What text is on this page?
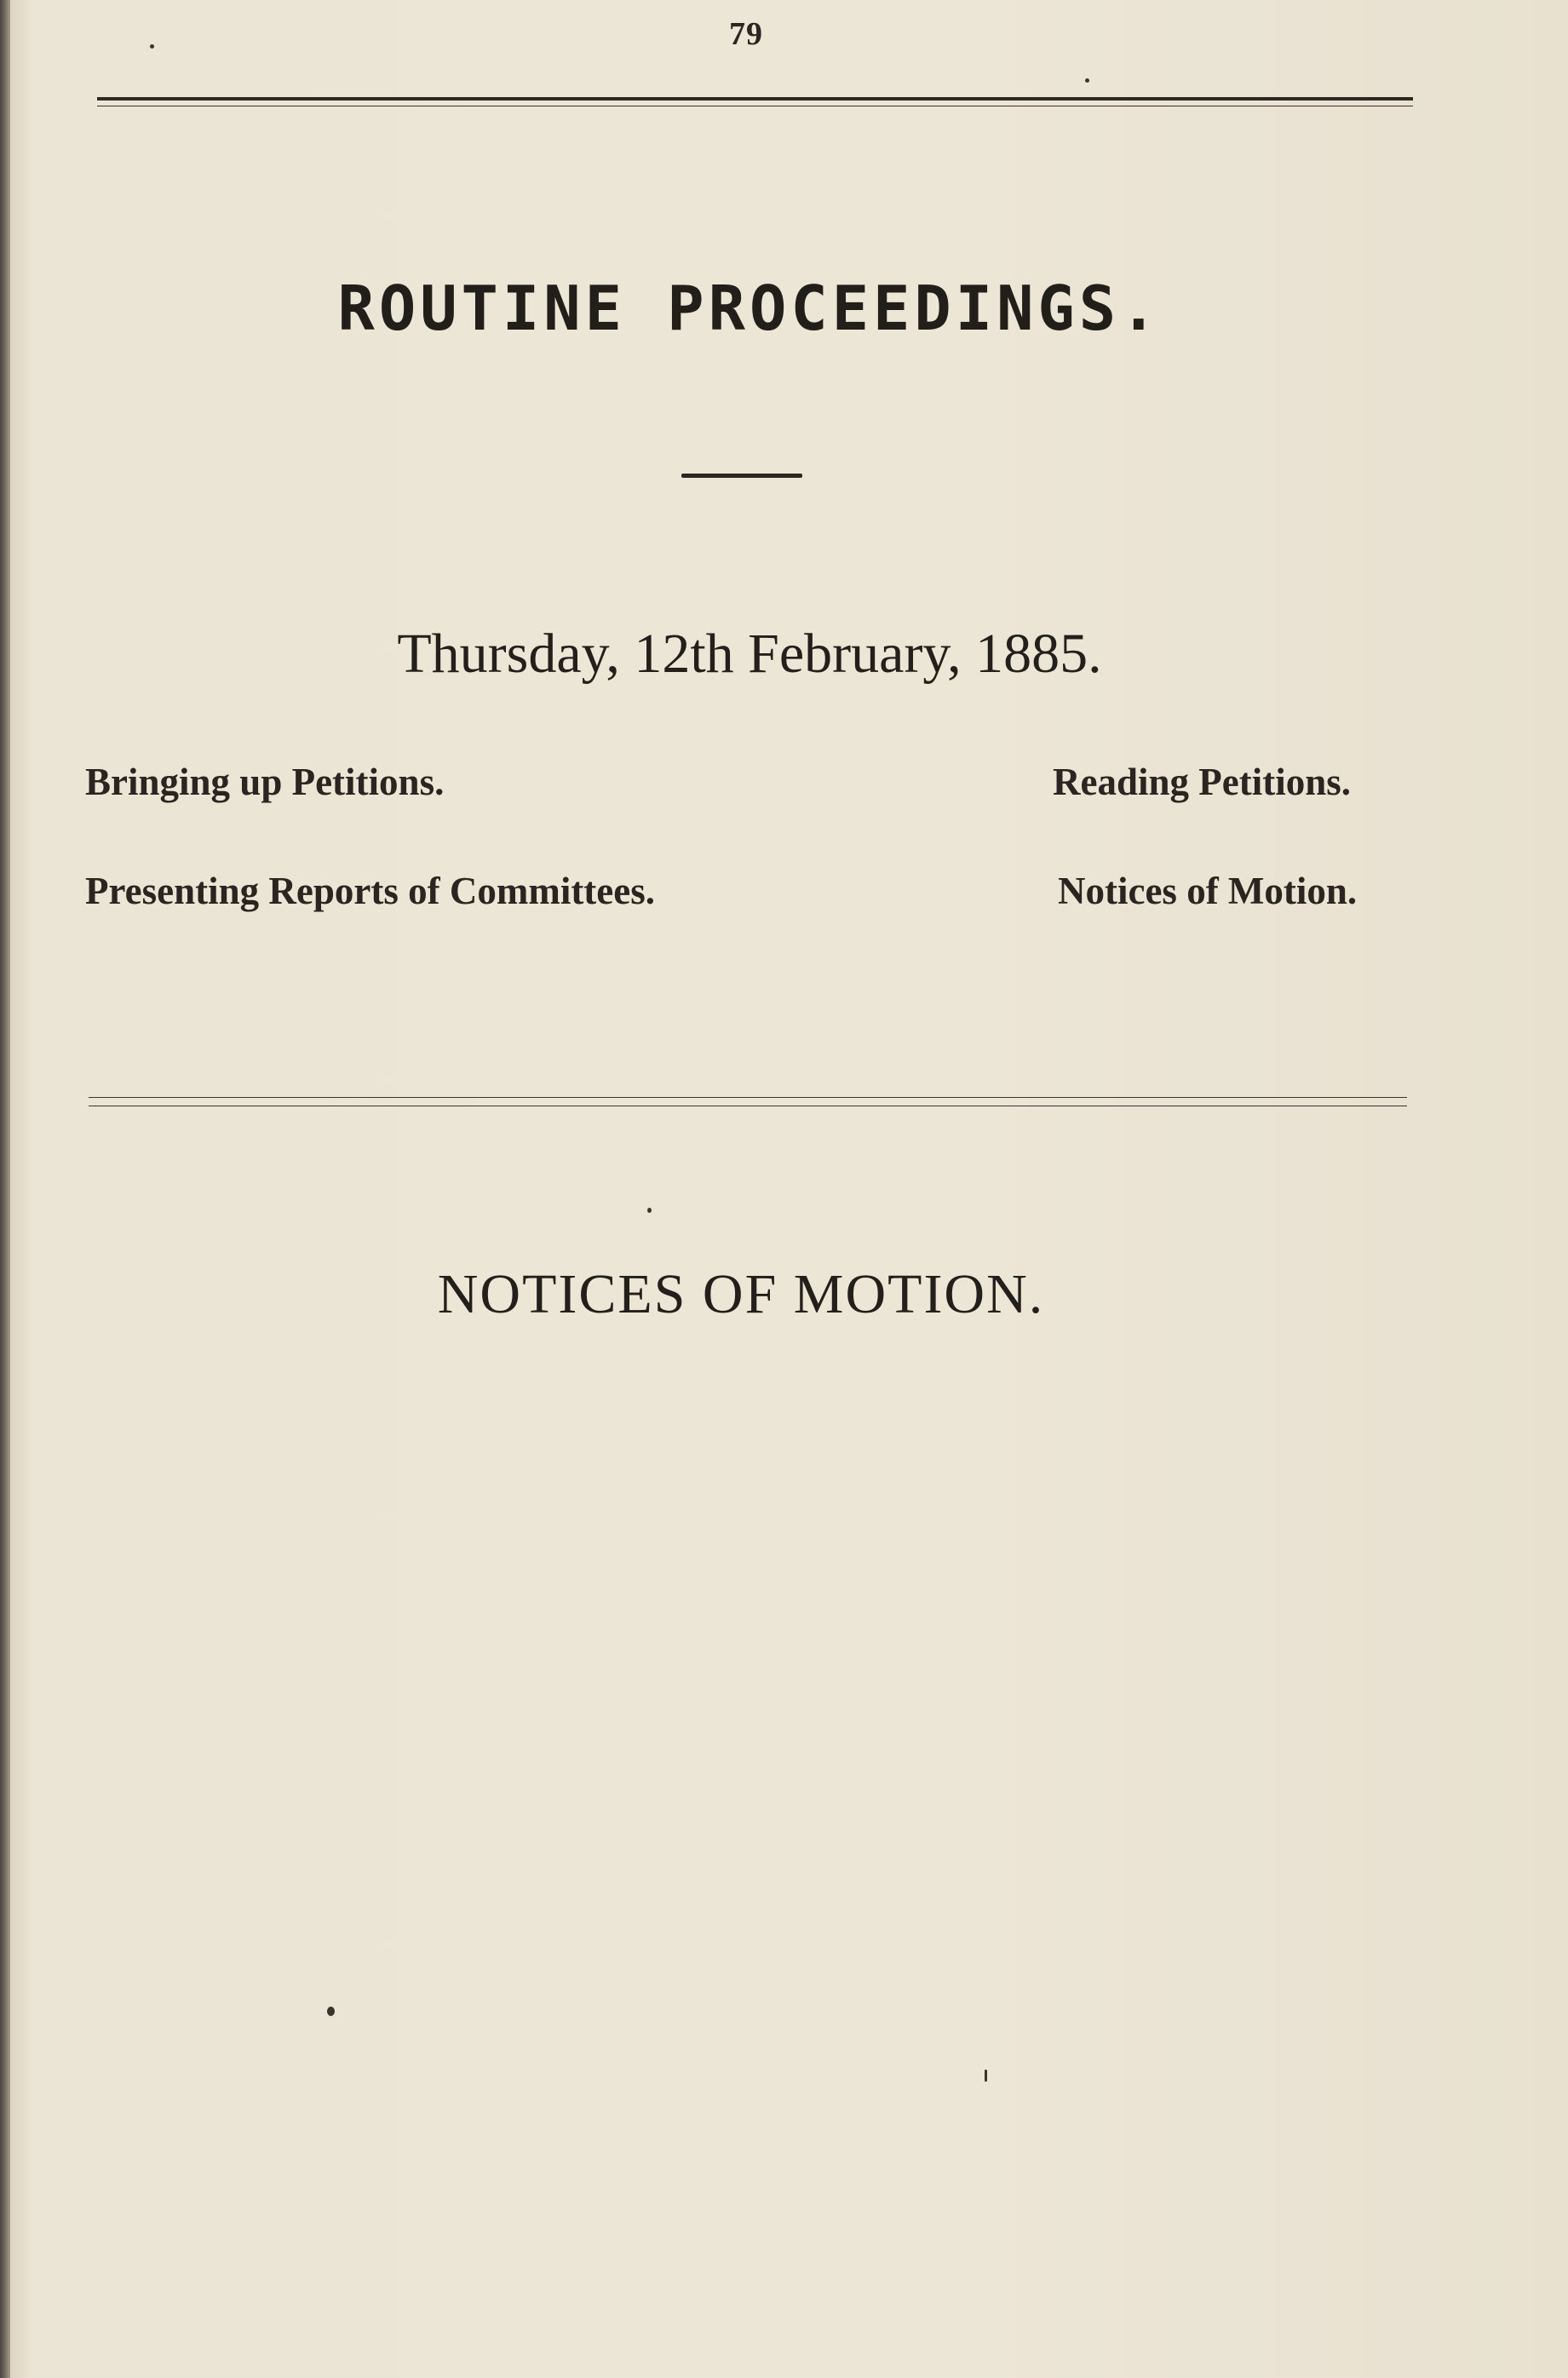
79
ROUTINE PROCEEDINGS.
Thursday, 12th February, 1885.
Bringing up Petitions.	Reading Petitions.
Presenting Reports of Committees.	Notices of Motion.
NOTICES OF MOTION.
